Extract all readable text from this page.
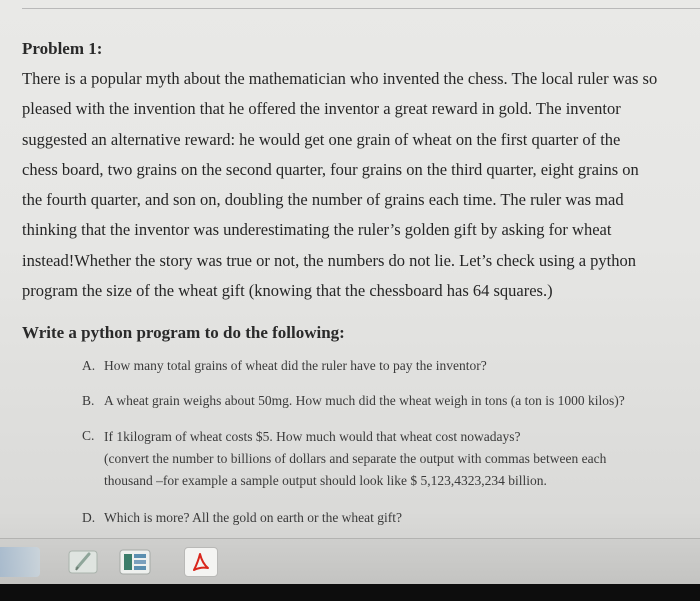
Problem 1:

There is a popular myth about the mathematician who invented the chess. The local ruler was so
pleased with the invention that he offered the inventor a great reward in gold. The inventor
suggested an alternative reward: he would get one grain of wheat on the first quarter of the
chess board, two grains on the second quarter, four grains on the third quarter, eight grains on
the fourth quarter, and son on, doubling the number of grains each time. The ruler was mad
thinking that the inventor was underestimating the ruler’s golden gift by asking for wheat
instead!Whether the story was true or not, the numbers do not lie. Let’s check using a python
program the size of the wheat gift (knowing that the chessboard has 64 squares.)

Write a python program to do the following:
A. How many total grains of wheat did the ruler have to pay the inventor?
B. A wheat grain weighs about 50mg. How much did the wheat weigh in tons (a ton is 1000 kilos)?
C. If 1kilogram of wheat costs $5. How much would that wheat cost nowadays?
(convert the number to billions of dollars and separate the output with commas between each
thousand –for example a sample output should look like $ 5,123,4323,234 billion.
D. Which is more? All the gold on earth or the wheat gift?
